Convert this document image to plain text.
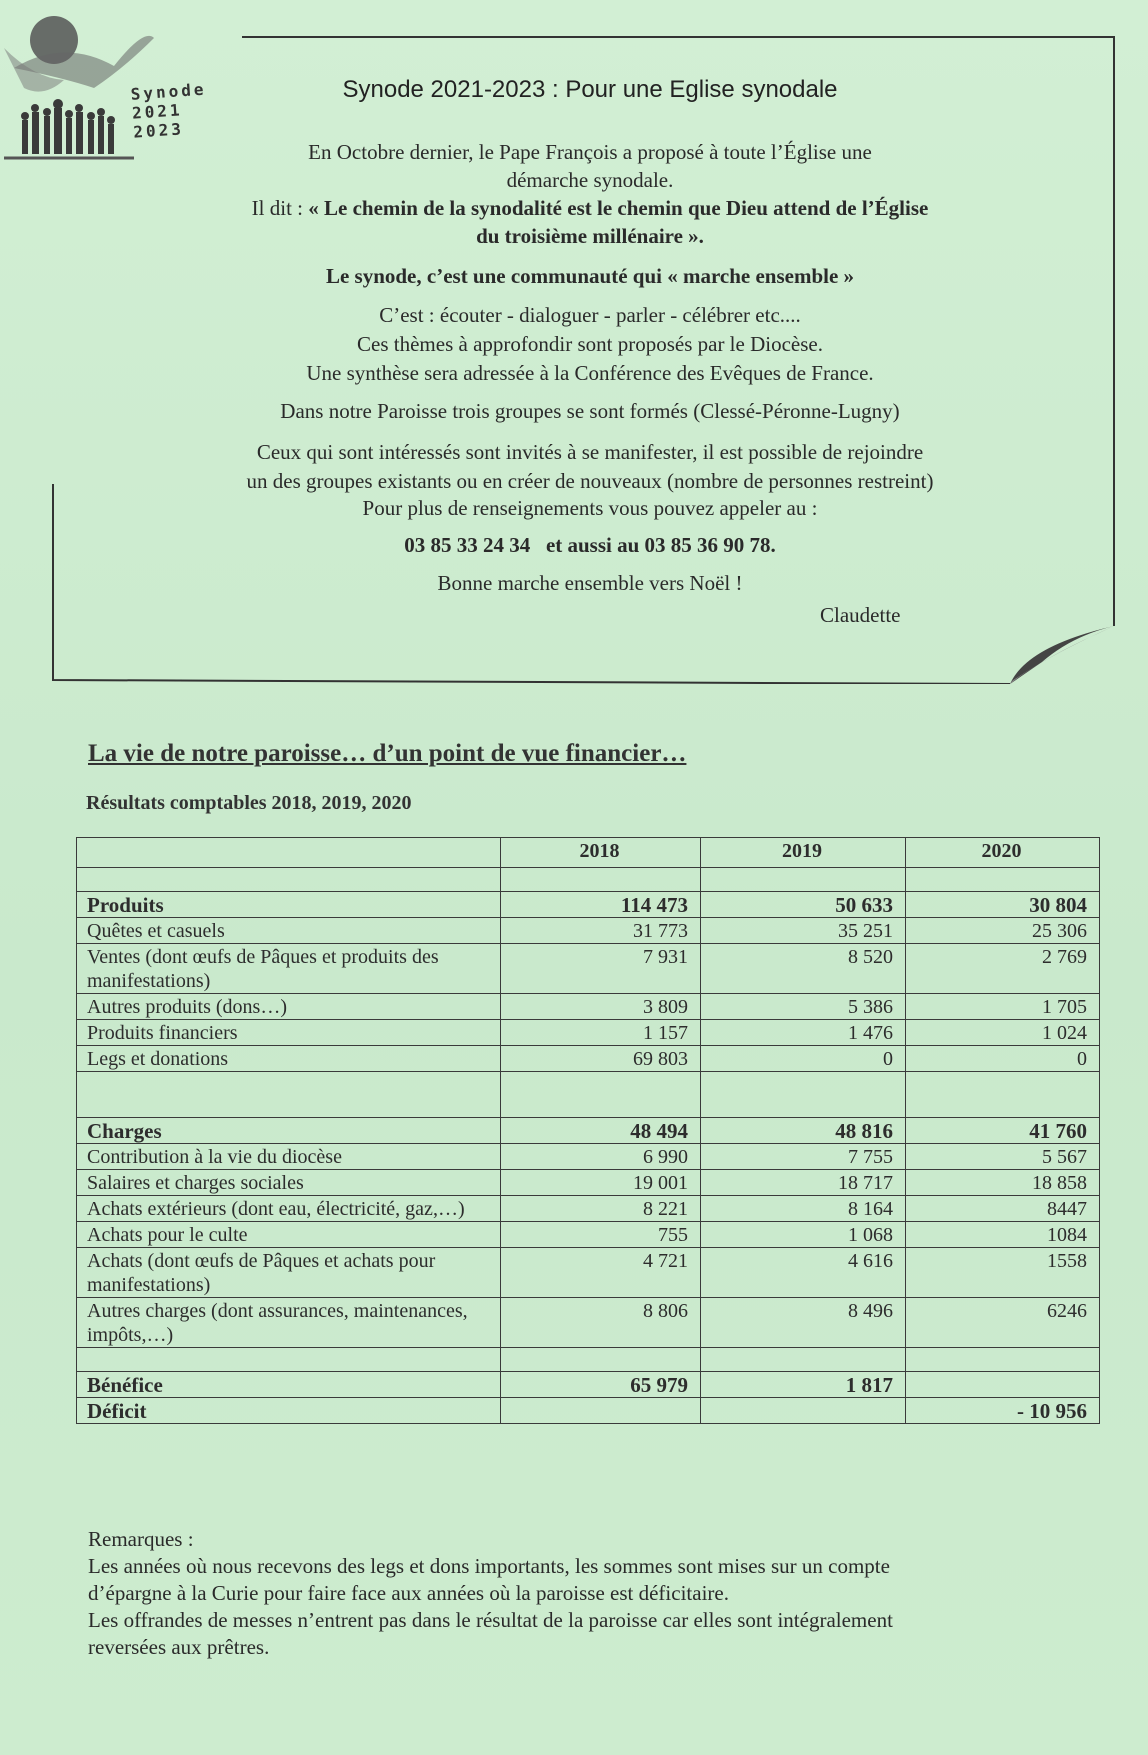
Synode
2021
2023
Synode 2021-2023 : Pour une Eglise synodale
En Octobre dernier, le Pape François a proposé à toute l’Église une
démarche synodale.
Il dit : « Le chemin de la synodalité est le chemin que Dieu attend de l’Église
du troisième millénaire ».
Le synode, c’est une communauté qui « marche ensemble »
C’est : écouter - dialoguer - parler - célébrer etc....
Ces thèmes à approfondir sont proposés par le Diocèse.
Une synthèse sera adressée à la Conférence des Evêques de France.
Dans notre Paroisse trois groupes se sont formés (Clessé-Péronne-Lugny)
Ceux qui sont intéressés sont invités à se manifester, il est possible de rejoindre
un des groupes existants ou en créer de nouveaux (nombre de personnes restreint)
Pour plus de renseignements vous pouvez appeler au :
03 85 33 24 34   et aussi au 03 85 36 90 78.
Bonne marche ensemble vers Noël !
Claudette
La vie de notre paroisse… d’un point de vue financier…
Résultats comptables 2018, 2019, 2020
	2018	2019	2020

Produits	114 473	50 633	30 804
Quêtes et casuels	31 773	35 251	25 306
Ventes (dont œufs de Pâques et produits des manifestations)	7 931	8 520	2 769
Autres produits (dons…)	3 809	5 386	1 705
Produits financiers	1 157	1 476	1 024
Legs et donations	69 803	0	0

Charges	48 494	48 816	41 760
Contribution à la vie du diocèse	6 990	7 755	5 567
Salaires et charges sociales	19 001	18 717	18 858
Achats extérieurs (dont eau, électricité, gaz,…)	8 221	8 164	8447
Achats pour le culte	755	1 068	1084
Achats (dont œufs de Pâques et achats pour manifestations)	4 721	4 616	1558
Autres charges (dont assurances, maintenances, impôts,…)	8 806	8 496	6246

Bénéfice	65 979	1 817	
Déficit			- 10 956

Remarques :

Les années où nous recevons des legs et dons importants, les sommes sont mises sur un compte

d’épargne à la Curie pour faire face aux années où la paroisse est déficitaire.

Les offrandes de messes n’entrent pas dans le résultat de la paroisse car elles sont intégralement

reversées aux prêtres.
